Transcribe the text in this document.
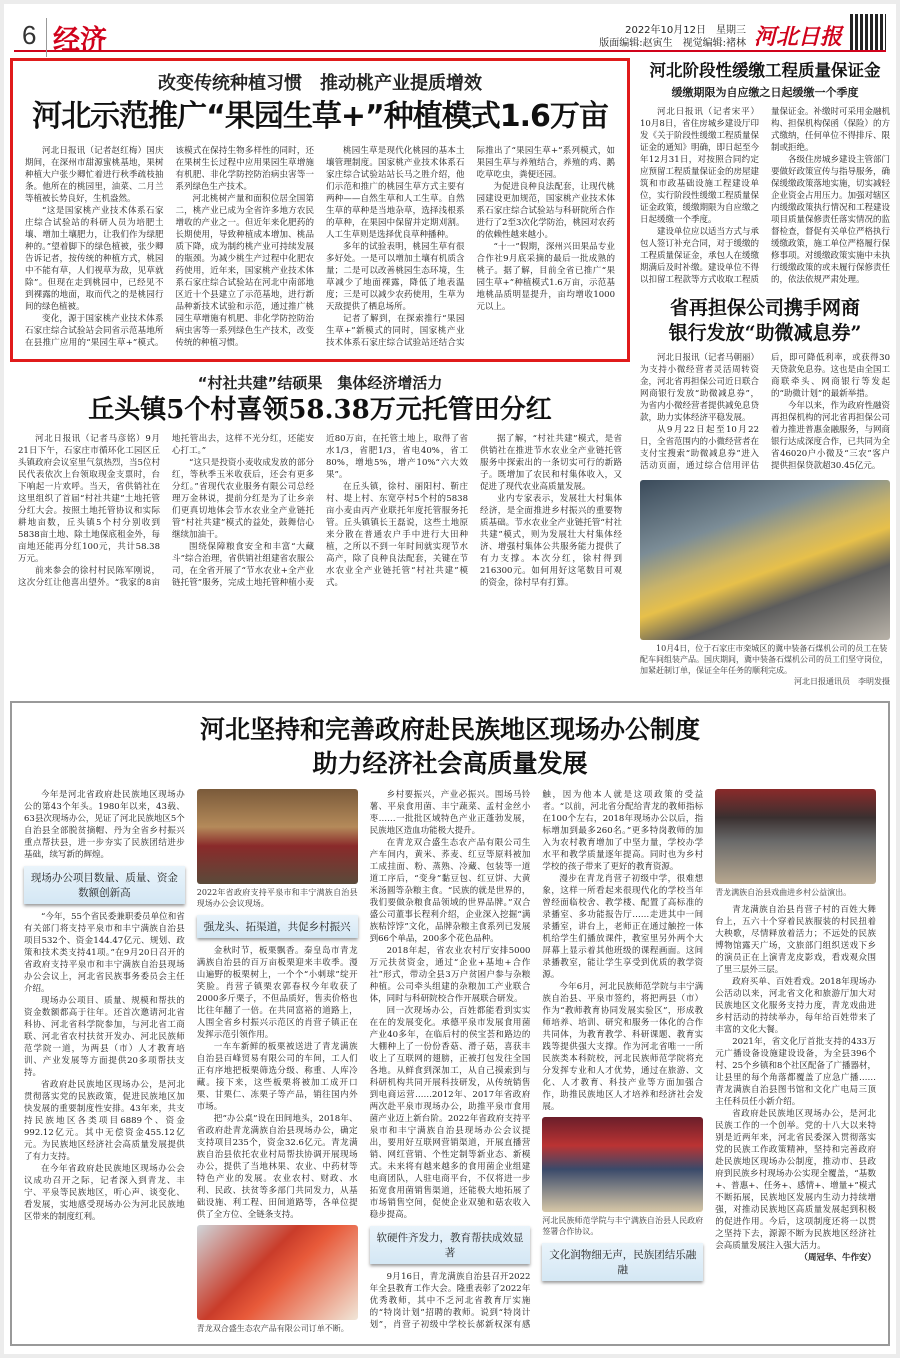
6 经济	2022年10月12日　星期三
版面编辑:赵寅生　视觉编辑:褚林 河北日报
改变传统种植习惯　推动桃产业提质增效
河北示范推广“果园生草+”种植模式1.6万亩

河北日报讯（记者赵红梅）国庆期间，在深州市甜源蜜桃基地，果树种植大户张少卿忙着进行秋季疏枝抽条。他所在的桃园里，油菜、二月兰等植被长势良好，生机盎然。

“这是国家桃产业技术体系石家庄综合试验站的科研人员为培肥土壤、增加土壤肥力，让我们作为绿肥种的。”望着脚下的绿色植被，张少卿告诉记者，按传统的种植方式，桃园中不能有草，人们视草为敌，见草就除”。但现在走到桃园中，已经见不到裸露的地面，取而代之的是桃园行间的绿色植被。

变化，源于国家桃产业技术体系石家庄综合试验站会同省示范基地所在县推广应用的“果园生草+”模式。该模式在保持生物多样性的同时，还在果树生长过程中应用果园生草增施有机肥、非化学防控防治病虫害等一系列绿色生产技术。

河北桃树产量和面积位居全国第二，桃产业已成为全省许多地方农民增收的产业之一。但近年来化肥药的长期使用，导致种植成本增加、桃品质下降，成为制约桃产业可持续发展的瓶颈。为减少桃生产过程中化肥农药使用，近年来，国家桃产业技术体系石家庄综合试验站在河北中南部地区近十个县建立了示范基地，进行新品种新技术试验和示范，通过推广桃园生草增施有机肥、非化学防控防治病虫害等一系列绿色生产技术，改变传统的种植习惯。

桃园生草是现代化桃园的基本土壤管理制度。国家桃产业技术体系石家庄综合试验站站长马之胜介绍，他们示范和推广的桃园生草方式主要有两种——自然生草和人工生草。自然生草的草种是当地杂草，选择浅根系的草种，在果园中保留并定期刈割。人工生草则是选择优良草种播种。

多年的试验表明，桃园生草有很多好处。一是可以增加土壤有机质含量；二是可以改善桃园生态环境，生草减少了地面裸露，降低了地表温度；三是可以减少农药使用，生草为天敌提供了栖息场所。

记者了解到，在探索推行“果园生草+”新模式的同时，国家桃产业技术体系石家庄综合试验站还结合实际推出了“果园生草+”系列模式，如果园生草与养殖结合，养殖的鸡、鹅吃草吃虫，粪便还园。

为促进良种良法配套，让现代桃园建设更加规范，国家桃产业技术体系石家庄综合试验站与科研院所合作进行了2至3次化学防治，桃园对农药的依赖性越来越小。

“十一”假期，深州兴田果品专业合作社9月底采摘的最后一批成熟的桃子。据了解，目前全省已推广“果园生草+”种植模式1.6万亩，示范基地桃品质明显提升，亩均增收1000元以上。

“村社共建”结硕果　集体经济增活力
丘头镇5个村喜领58.38万元托管田分红

河北日报讯（记者马彦铭）9月21日下午，石家庄市循环化工园区丘头镇政府会议室里气氛热烈，当5位村民代表依次上台领取现金支票时，台下响起一片欢呼。当天，省供销社在这里组织了首届“村社共建”土地托管分红大会。按照土地托管协议和实际耕地亩数，丘头镇5个村分别收到5838亩土地、除土地保底租金外，每亩地还能再分红100元，共计58.38万元。

前来参会的徐村村民陈军刚说，这次分红让他喜出望外。“我家的8亩地托管出去，这样不光分红，还能安心打工。”

“这只是投资小麦收成发放的部分红，等秋季玉米收获后，还会有更多分红。”省现代农业服务有限公司总经理万金林说，提前分红是为了让乡亲们更真切地体会节水农业全产业链托管“村社共建”模式的益处，鼓舞信心继续加油干。

围绕保障粮食安全和丰富“大藏斗”综合治理，省供销社组建省农服公司，在全省开展了“节水农业+全产业链托管”服务，完成土地托管种植小麦近80万亩，在托管土地上，取得了省水1/3，省肥1/3，省电40%，省工80%，增地5%，增产10%“六大效果”。

在丘头镇，徐村、丽阳村、靳庄村、堤上村、东宽亭村5个村的5838亩小麦由丙产业联托年度托管服务托管。丘头镇镇长王磊说，这些土地原来分散在普通农户手中进行大田种植，之所以不到一年时间就实现节水高产，除了良种良法配套，关键在节水农业全产业链托管“村社共建”模式。

据了解，“村社共建”模式，是省供销社在推进节水农业全产业链托管服务中探索出的一条切实可行的新路子。既增加了农民和村集体收入，又促进了现代农业高质量发展。

业内专家表示，发展壮大村集体经济，是全面推进乡村振兴的重要物质基础。节水农业全产业链托管“村社共建”模式，则为发展壮大村集体经济、增强村集体公共服务能力提供了有力支撑。本次分红，徐村得到216300元。如何用好这笔数目可观的资金，徐村早有打算。

河北阶段性缓缴工程质量保证金
缓缴期限为自应缴之日起缓缴一个季度

河北日报讯（记者宋平）10月8日，省住房城乡建设厅印发《关于阶段性缓缴工程质量保证金的通知》明确，即日起至今年12月31日，对按照合同约定应预留工程质量保证金的房屋建筑和市政基础设施工程建设单位，实行阶段性缓缴工程质量保证金政策，缓缴期限为自应缴之日起缓缴一个季度。

建设单位应以适当方式与承包人签订补充合同，对于缓缴的工程质量保证金，承包人在缓缴期满后及时补缴。建设单位不得以扣留工程款等方式收取工程质量保证金。补缴时可采用金融机构、担保机构保函（保险）的方式缴纳，任何单位不得排斥、限制或拒绝。

各级住房城乡建设主管部门要做好政策宣传与指导服务，确保缓缴政策落地实施，切实减轻企业资金占用压力。加强对辖区内缓缴政策执行情况和工程建设项目质量保修责任落实情况的监督检查，督促有关单位严格执行缓缴政策，施工单位严格履行保修事项。对缓缴政策实施中未执行缓缴政策的或未履行保修责任的，依法依规严肃处理。

省再担保公司携手网商银行发放“助微减息券”

河北日报讯（记者马朝丽）为支持小微经营者灵活周转资金，河北省再担保公司近日联合网商银行发放“助微减息券”，为省内小微经营者提供减免息贷款，助力实体经济平稳发展。

从9月22日起至10月22日，全省范围内的小微经营者在支付宝搜索“助微减息券”进入活动页面，通过综合信用评估后，即可降低利率，或获得30天贷款免息券。这也是由全国工商联牵头、网商银行等发起的“助微计划”的最新举措。

今年以来，作为政府性融资再担保机构的河北省再担保公司着力推进普惠金融服务，与网商银行达成深度合作，已共同为全省46020户小微及“三农”客户提供担保贷款超30.45亿元。

10月4日，位于石家庄市栾城区的冀中装备石煤机公司的员工在装配车间组装产品。国庆期间，冀中装备石煤机公司的员工们坚守岗位，加紧赶制订单，保证全年任务的顺利完成。
河北日报通讯员　李明发摄
河北坚持和完善政府赴民族地区现场办公制度
助力经济社会高质量发展

今年是河北省政府赴民族地区现场办公的第43个年头。1980年以来，43载、63县次现场办公，见证了河北民族地区5个自治县全部脱贫摘帽、丹为全省乡村振兴重点帮扶县，进一步夯实了民族团结进步基础，续写新的辉煌。

现场办公项目数量、质量、资金数额创新高

“今年，55个省民委兼职委员单位和省有关部门将支持平泉市和丰宁满族自治县项目532个、资金144.47亿元、规划、政策和技术类支持41项。”在9月20日召开的省政府支持平泉市和丰宁满族自治县现场办公会议上，河北省民族事务委员会主任介绍。

现场办公项目、质量、规模和帮扶的资金数额都高于往年。还首次邀请河北省科协、河北省科学院参加，与河北省工商联、河北省农村扶贫开发办、河北民族师范学院一道，为两县（市）人才教育培训、产业发展等方面提供20多项帮扶支持。

省政府赴民族地区现场办公，是河北贯彻落实党的民族政策，促进民族地区加快发展的重要制度性安排。43年来，共支持民族地区各类项目6889个、资金992.12亿元。其中无偿资金455.12亿元。为民族地区经济社会高质量发展提供了有力支持。

在今年省政府赴民族地区现场办公会议成功召开之际，记者深入到青龙、丰宁、平泉等民族地区，听心声、谈变化、看发展，实地感受现场办公为河北民族地区带来的制度红利。

2022年省政府支持平泉市和丰宁满族自治县现场办公会议现场。
强龙头、拓渠道，共促乡村振兴

金秋时节，板栗飘香。秦皇岛市青龙满族自治县的百万亩板栗迎来丰收季。漫山遍野的板栗树上，一个个“小刺球”绽开笑脸。肖营子镇栗农郭春权今年收获了2000多斤栗子，不但品质好，售卖价格也比往年翻了一倍。在共同富裕的道路上，人围全省乡村振兴示范区的肖营子镇正在发挥示范引领作用。

一车车新鲜的板栗被送进了青龙满族自治县百峰贸易有限公司的车间，工人们正有序地把板栗筛选分级、称重、人库冷藏。接下来，这些板栗将被加工成开口栗、甘栗仁、冻栗子等产品，销往国内外市场。

把“办公桌”设在田间地头，2018年、省政府赴青龙满族自治县现场办公，确定支持项目235个，资金32.6亿元。青龙满族自治县依托农业村局帮扶协调开展现场办公，提供了当地林果、农业、中药材等特色产业的发展。农业农村、财政、水利、民政、扶贫等多部门共同发力，从基础设施、利工程、田间道路等，各单位提供了全方位、全链条支持。

青龙双合盛生态农产品有限公司订单不断。

乡村要振兴，产业必振兴。围场马铃薯、平泉食用菌、丰宁蔬菜、孟村金丝小枣……一批批区域特色产业正蓬勃发展，民族地区造血功能极大提升。

在青龙双合盛生态农产品有限公司生产车间内，黄米、荞麦、红豆等原料被加工成挂面、粉、蒸熟、冷藏、包装等一道道工序后，“变身”黏豆包、红豆饼、大黄米汤圆等杂粮主食。“民族的就是世界的，我们要做杂粮食品领域的世界品牌。”双合盛公司董事长程利介绍，企业深入挖掘“满族粘饽饽”文化，品牌杂粮主食系列已发展到66个单品，200多个花色品种。

2018年起，省农业农村厅安排5000万元扶贫资金，通过“企业+基地+合作社”形式，带动全县3万户贫困户参与杂粮种植。公司牵头组建的杂粮加工产业联合体，同时与科研院校合作开展联合研发。

回一次现场办公，百姓都能看到实实在在的发展变化。承德平泉市发展食用菌产业40多年，在临后村的侯宝荟和路边的大棚种上了一份份香菇、滑子菇，喜获丰收上了互联网的翅膀，正被打包发往全国各地。从鲜食到深加工，从自己摸索到与科研机构共同开展科技研发，从传统销售到电商运营……2012年、2017年省政府两次赴平泉市现场办公，助推平泉市食用菌产业迈上新台阶。2022年省政府支持平泉市和丰宁满族自治县现场办公会议提出，要用好互联网营销渠道，开展直播营销、网红营销、个性定制等新业态、新模式。未来将有越来越多的食用菌企业组建电商团队，人驻电商平台，不仅将进一步拓宽食用菌销售渠道，还能极大地拓展了市场销售空间，促使企业双驰和菇农收入稳步提高。

软硬件齐发力，教育帮扶成效显著

9月16日，青龙满族自治县召开2022年全县教育工作大会。隆重表彰了2022年优秀教师，其中不乏河北省教育厅实施的“特岗计划”招聘的教师。说到“特岗计划”，肖营子初级中学校长郝新权深有感触，因为他本人就是这项政策的受益者。“以前，河北省分配给青龙的教师指标在100个左右，2018年现场办公以后，指标增加到最多260名。”更多特岗教师的加入为农村教育增加了中坚力量，学校办学水平和教学质量逐年提高。同时也为乡村学校的孩子带来了更好的教育资源。

漫步在青龙肖营子初级中学，很难想象，这样一所看起来很现代化的学校当年曾经面临校舍、教学楼、配置了高标准的录播室、多功能报告厅……走进其中一间录播室，讲台上，老师正在通过触控一体机给学生们播放课件，教室里另外两个大屏幕上显示着其他班级的课程画面。这间录播教室，能让学生享受到优质的教学资源。

今年6月，河北民族师范学院与丰宁满族自治县、平泉市签约，将把两县（市）作为“教师教育协同发展实验区”，形成教师培养、培训、研究和服务一体化的合作共同体，为教育教学、科研课题、教育实践等提供强大支撑。作为河北省唯一一所民族类本科院校，河北民族师范学院将充分发挥专业和人才优势，通过在旅游、文化、人才教育、科技产业等方面加强合作，助推民族地区人才培养和经济社会发展。

河北民族师范学院与丰宁满族自治县人民政府签署合作协议。
文化润物细无声，民族团结乐融融
青龙满族自治县戏曲进乡村公益演出。

青龙满族自治县肖营子村的百姓大舞台上，五六十个穿着民族服装的村民扭着大秧歌，尽情释放着活力；不远处的民族博物馆露天广场，文旅部门组织送戏下乡的演员正在上演青龙皮影戏，看戏观众围了里三层外三层。

政府买单、百姓看戏。2018年现场办公活动以来，河北省文化和旅游厅加大对民族地区文化服务支持力度，青龙戏曲进乡村活动的持续举办，每年给百姓带来了丰富的文化大餐。

2021年，省文化厅首批支持的433万元广播设备设施建设设备，为全县396个村、25个乡镇和8个社区配备了广播器材，让县里的每个角落都覆盖了应急广播……青龙满族自治县图书馆和文化广电局三顶主任科员任小新介绍。

省政府赴民族地区现场办公，是河北民族工作的一个创举。党的十八大以来特别是近两年来，河北省民委深入贯彻落实党的民族工作政策精神，坚持和完善政府赴民族地区现场办公制度，推动市、县政府到民族乡村现场办公实现全覆盖，“基数+、普惠+、任务+、感情+、增量+”模式不断拓展，民族地区发展内生动力持续增强，对推动民族地区高质量发展起到积极的促进作用。今后，这项制度还将一以贯之坚持下去，源源不断为民族地区经济社会高质量发展注入强大活力。

（周冠华、牛作安）
